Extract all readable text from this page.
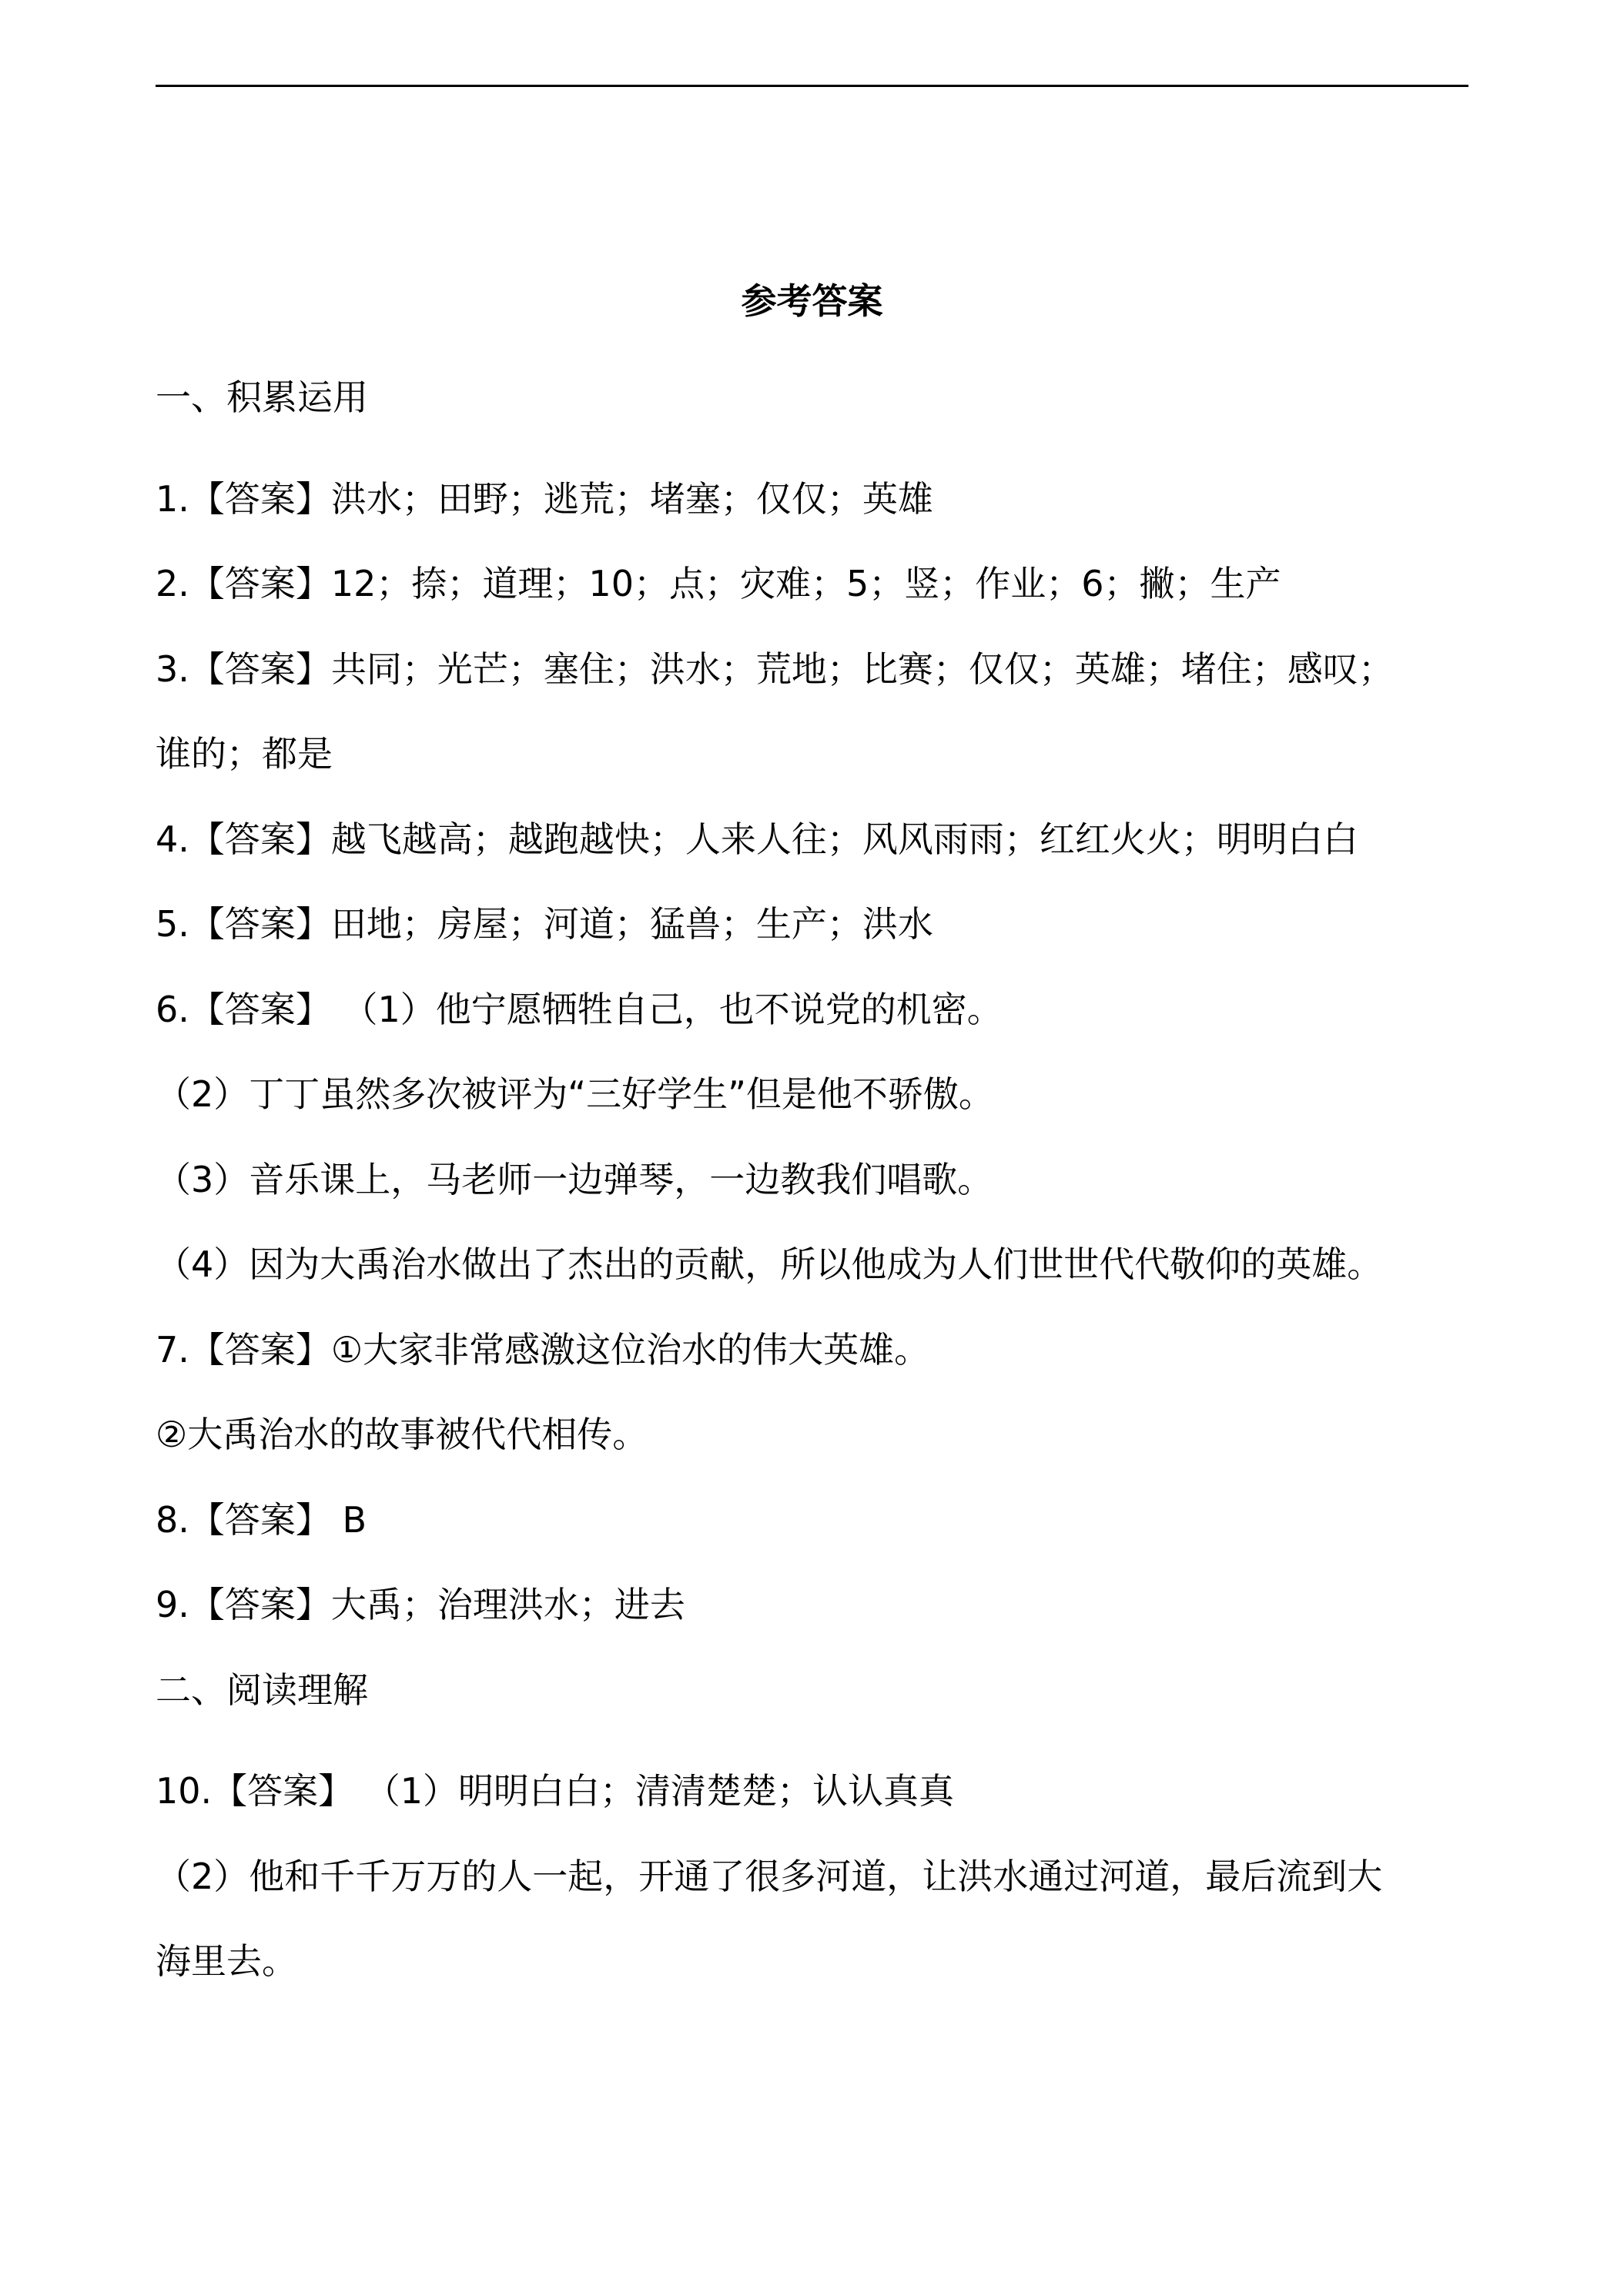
参考答案

一、积累运用

1.【答案】洪水；田野；逃荒；堵塞；仅仅；英雄

2.【答案】12；捺；道理；10；点；灾难；5；竖；作业；6；撇；生产

3.【答案】共同；光芒；塞住；洪水；荒地；比赛；仅仅；英雄；堵住；感叹；

谁的；都是

4.【答案】越飞越高；越跑越快；人来人往；风风雨雨；红红火火；明明白白

5.【答案】田地；房屋；河道；猛兽；生产；洪水

6.【答案】 （1）他宁愿牺牲自己，也不说党的机密。

（2）丁丁虽然多次被评为“三好学生”但是他不骄傲。

（3）音乐课上，马老师一边弹琴，一边教我们唱歌。

（4）因为大禹治水做出了杰出的贡献，所以他成为人们世世代代敬仰的英雄。

7.【答案】①大家非常感激这位治水的伟大英雄。

②大禹治水的故事被代代相传。

8.【答案】 B

9.【答案】大禹；治理洪水；进去

二、阅读理解

10.【答案】 （1）明明白白；清清楚楚；认认真真

（2）他和千千万万的人一起，开通了很多河道，让洪水通过河道，最后流到大

海里去。
